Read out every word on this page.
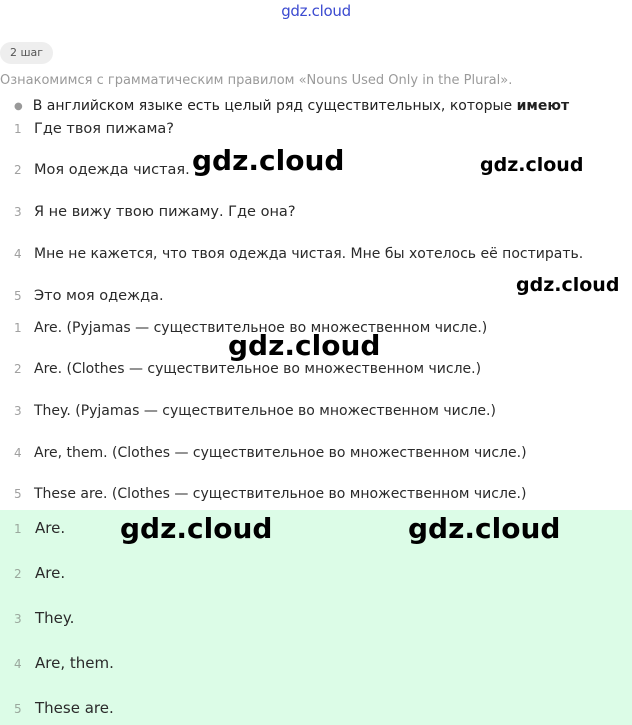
gdz.cloud
2 шаг
Ознакомимся с грамматическим правилом «Nouns Used Only in the Plural».
● В английском языке есть целый ряд существительных, которые имеют
1 Где твоя пижама?
2 Моя одежда чистая.
3 Я не вижу твою пижаму. Где она?
4 Мне не кажется, что твоя одежда чистая. Мне бы хотелось её постирать.
5 Это моя одежда.
1 Are. (Pyjamas — существительное во множественном числе.)
2 Are. (Clothes — существительное во множественном числе.)
3 They. (Pyjamas — существительное во множественном числе.)
4 Are, them. (Clothes — существительное во множественном числе.)
5 These are. (Clothes — существительное во множественном числе.)
1 Are.
2 Are.
3 They.
4 Are, them.
5 These are.
gdz.cloud	gdz.cloud
gdz.cloud
gdz.cloud
gdz.cloud	gdz.cloud
